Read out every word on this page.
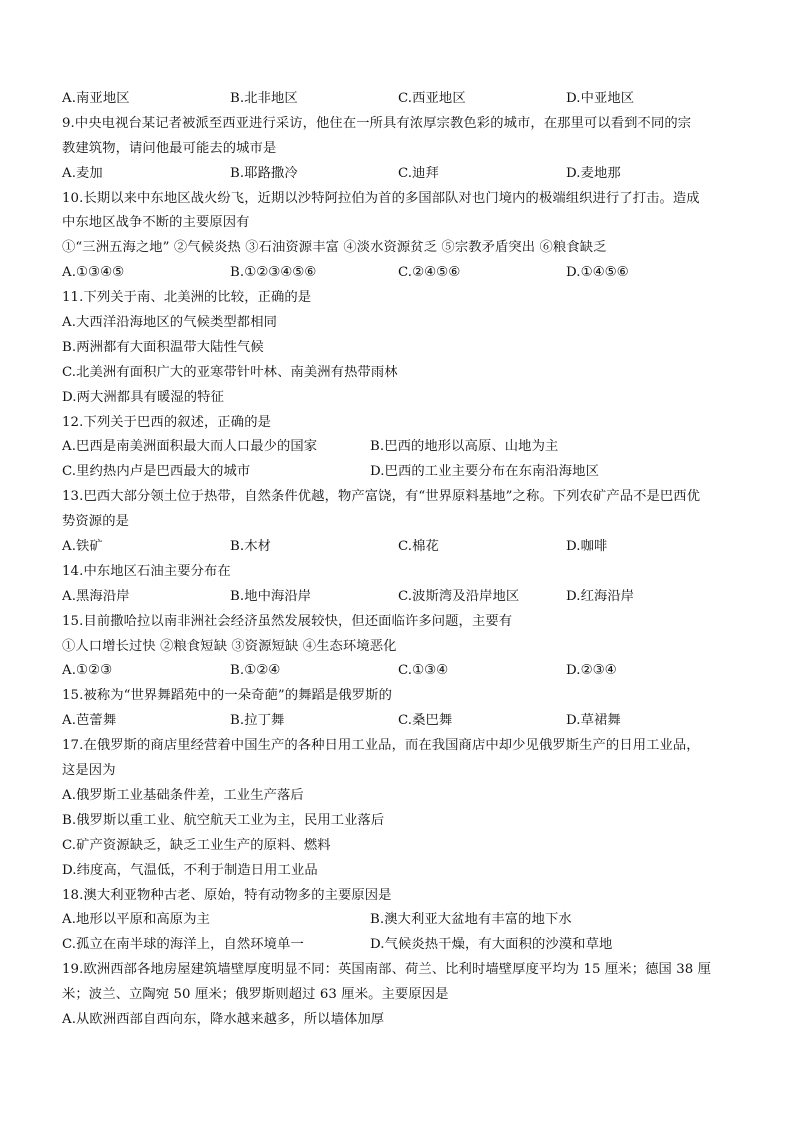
A.南亚地区	B.北非地区	C.西亚地区	D.中亚地区
9.中央电视台某记者被派至西亚进行采访，他住在一所具有浓厚宗教色彩的城市，在那里可以看到不同的宗
教建筑物，请问他最可能去的城市是
A.麦加	B.耶路撒冷	C.迪拜	D.麦地那
10.长期以来中东地区战火纷飞，近期以沙特阿拉伯为首的多国部队对也门境内的极端组织进行了打击。造成
中东地区战争不断的主要原因有
①“三洲五海之地” ②气候炎热 ③石油资源丰富 ④淡水资源贫乏 ⑤宗教矛盾突出 ⑥粮食缺乏
A.①③④⑤	B.①②③④⑤⑥	C.②④⑤⑥	D.①④⑤⑥
11.下列关于南、北美洲的比较，正确的是
A.大西洋沿海地区的气候类型都相同
B.两洲都有大面积温带大陆性气候
C.北美洲有面积广大的亚寒带针叶林、南美洲有热带雨林
D.两大洲都具有暖湿的特征
12.下列关于巴西的叙述，正确的是
A.巴西是南美洲面积最大而人口最少的国家	B.巴西的地形以高原、山地为主
C.里约热内卢是巴西最大的城市	D.巴西的工业主要分布在东南沿海地区
13.巴西大部分领土位于热带，自然条件优越，物产富饶，有“世界原料基地”之称。下列农矿产品不是巴西优
势资源的是
A.铁矿	B.木材	C.棉花	D.咖啡
14.中东地区石油主要分布在
A.黑海沿岸	B.地中海沿岸	C.波斯湾及沿岸地区	D.红海沿岸
15.目前撒哈拉以南非洲社会经济虽然发展较快，但还面临许多问题，主要有
①人口增长过快 ②粮食短缺 ③资源短缺 ④生态环境恶化
A.①②③	B.①②④	C.①③④	D.②③④
15.被称为“世界舞蹈苑中的一朵奇葩”的舞蹈是俄罗斯的
A.芭蕾舞	B.拉丁舞	C.桑巴舞	D.草裙舞
17.在俄罗斯的商店里经营着中国生产的各种日用工业品，而在我国商店中却少见俄罗斯生产的日用工业品，
这是因为
A.俄罗斯工业基础条件差，工业生产落后
B.俄罗斯以重工业、航空航天工业为主，民用工业落后
C.矿产资源缺乏，缺乏工业生产的原料、燃料
D.纬度高，气温低，不利于制造日用工业品
18.澳大利亚物种古老、原始，特有动物多的主要原因是
A.地形以平原和高原为主	B.澳大利亚大盆地有丰富的地下水
C.孤立在南半球的海洋上，自然环境单一	D.气候炎热干燥，有大面积的沙漠和草地
19.欧洲西部各地房屋建筑墙壁厚度明显不同：英国南部、荷兰、比利时墙壁厚度平均为 15 厘米；德国 38 厘
米；波兰、立陶宛 50 厘米；俄罗斯则超过 63 厘米。主要原因是
A.从欧洲西部自西向东，降水越来越多，所以墙体加厚
